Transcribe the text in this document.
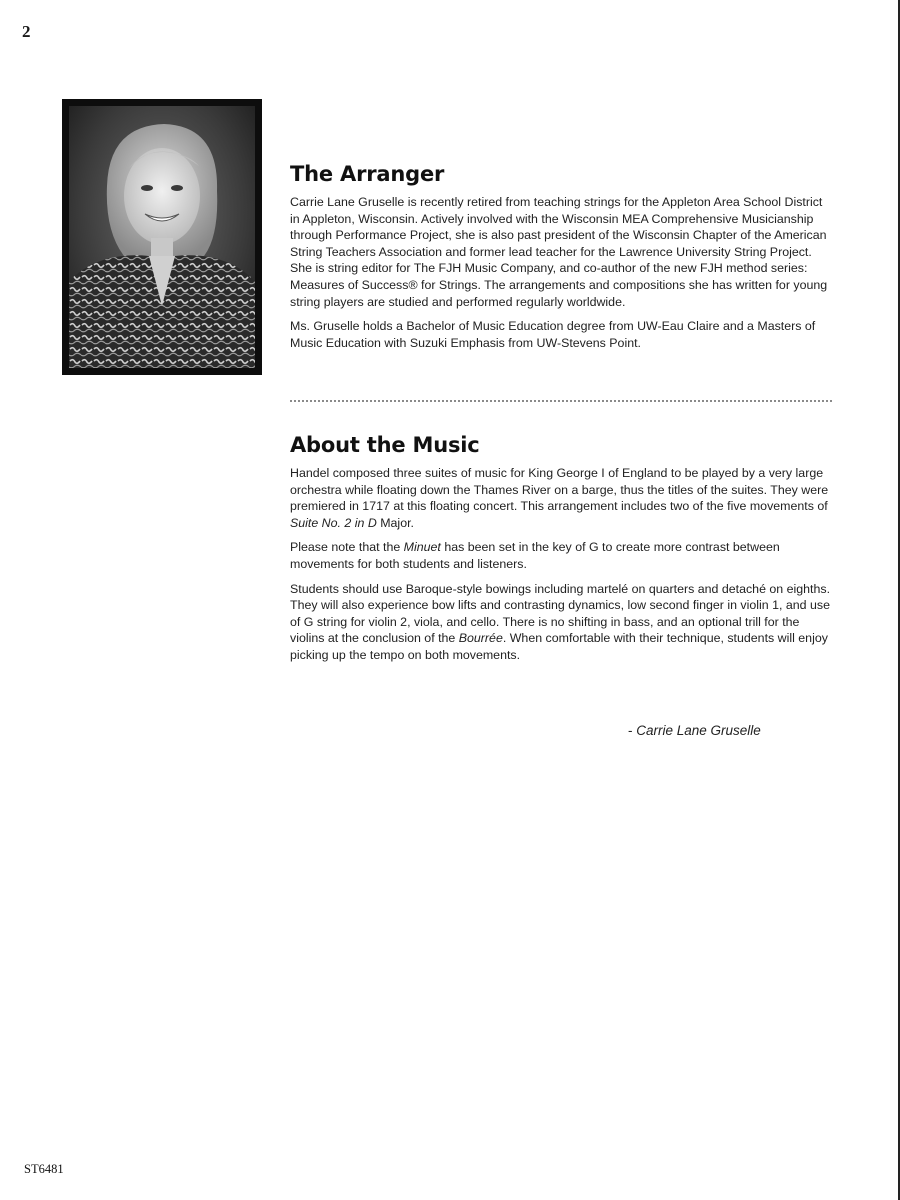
2
The Arranger

Carrie Lane Gruselle is recently retired from teaching strings for the Appleton Area School District in Appleton, Wisconsin. Actively involved with the Wisconsin MEA Comprehensive Musicianship through Performance Project, she is also past president of the Wisconsin Chapter of the American String Teachers Association and former lead teacher for the Lawrence University String Project. She is string editor for The FJH Music Company, and co-author of the new FJH method series: Measures of Success® for Strings. The arrangements and compositions she has written for young string players are studied and performed regularly worldwide.

Ms. Gruselle holds a Bachelor of Music Education degree from UW-Eau Claire and a Masters of Music Education with Suzuki Emphasis from UW-Stevens Point.

About the Music

Handel composed three suites of music for King George I of England to be played by a very large orchestra while floating down the Thames River on a barge, thus the titles of the suites. They were premiered in 1717 at this floating concert. This arrangement includes two of the five movements of Suite No. 2 in D Major.

Please note that the Minuet has been set in the key of G to create more contrast between movements for both students and listeners.

Students should use Baroque-style bowings including martelé on quarters and detaché on eighths. They will also experience bow lifts and contrasting dynamics, low second finger in violin 1, and use of G string for violin 2, viola, and cello. There is no shifting in bass, and an optional trill for the violins at the conclusion of the Bourrée. When comfortable with their technique, students will enjoy picking up the tempo on both movements.

- Carrie Lane Gruselle
ST6481
